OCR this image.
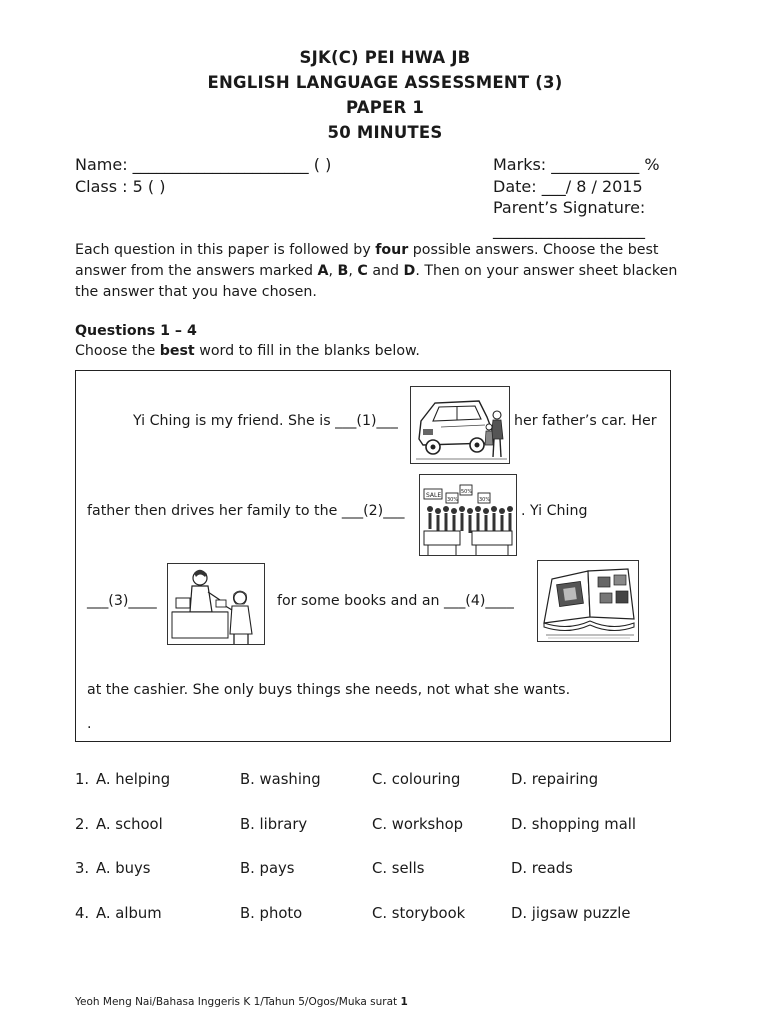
SJK(C) PEI HWA JB
ENGLISH LANGUAGE ASSESSMENT (3)
PAPER 1
50 MINUTES
Name: ______________________ ( )
Class : 5 ( )
Marks: ___________ %
Date: ___/ 8 / 2015
Parent’s Signature:
___________________
Each question in this paper is followed by four possible answers. Choose the best answer from the answers marked A, B, C and D. Then on your answer sheet blacken the answer that you have chosen.
Questions 1 – 4
Choose the best word to fill in the blanks below.
Yi Ching is my friend. She is ___(1)___	her father’s car. Her
father then drives her family to the ___(2)___	. Yi Ching
SALE
30%
50%
30%
___(3)____	for some books and an ___(4)____
at the cashier. She only buys things she needs, not what she wants.
.
1. A. helping	B. washing	C. colouring	D. repairing
2. A. school	B. library	C. workshop	D. shopping mall
3. A. buys	B. pays	C. sells	D. reads
4. A. album	B. photo	C. storybook	D. jigsaw puzzle
Yeoh Meng Nai/Bahasa Inggeris K 1/Tahun 5/Ogos/Muka surat 1
